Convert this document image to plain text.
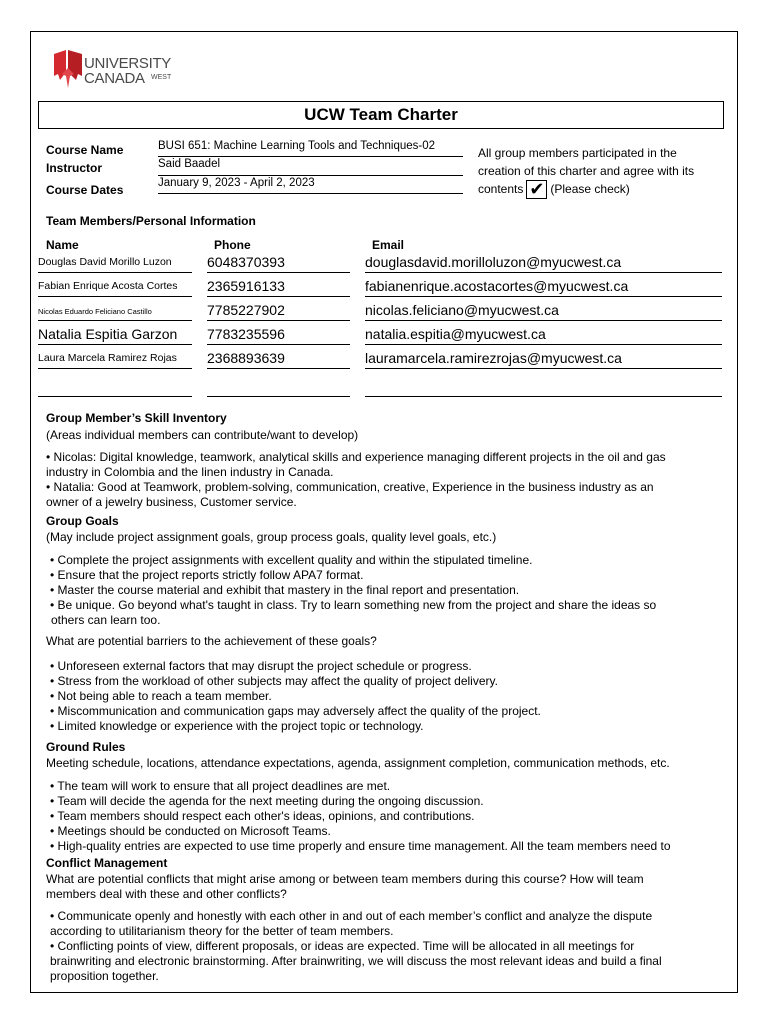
UNIVERSITY
CANADA WEST
UCW Team Charter
Course Name	BUSI 651: Machine Learning Tools and Techniques-02
Instructor	Said Baadel
Course Dates	January 9, 2023 - April 2, 2023
All group members participated in the creation of this charter and agree with its contents ✔ (Please check)
Team Members/Personal Information
Name	Phone	Email
Douglas David Morillo Luzon	6048370393	douglasdavid.morilloluzon@myucwest.ca
Fabian Enrique Acosta Cortes	2365916133	fabianenrique.acostacortes@myucwest.ca
Nicolas Eduardo Feliciano Castillo	7785227902	nicolas.feliciano@myucwest.ca
Natalia Espitia Garzon	7783235596	natalia.espitia@myucwest.ca
Laura Marcela Ramirez Rojas	2368893639	lauramarcela.ramirezrojas@myucwest.ca
Group Member’s Skill Inventory
(Areas individual members can contribute/want to develop)
• Nicolas: Digital knowledge, teamwork, analytical skills and experience managing different projects in the oil and gas
industry in Colombia and the linen industry in Canada.
• Natalia: Good at Teamwork, problem-solving, communication, creative, Experience in the business industry as an
owner of a jewelry business, Customer service.
Group Goals
(May include project assignment goals, group process goals, quality level goals, etc.)
• Complete the project assignments with excellent quality and within the stipulated timeline.
• Ensure that the project reports strictly follow APA7 format.
• Master the course material and exhibit that mastery in the final report and presentation.
• Be unique. Go beyond what's taught in class. Try to learn something new from the project and share the ideas so
others can learn too.
What are potential barriers to the achievement of these goals?
• Unforeseen external factors that may disrupt the project schedule or progress.
• Stress from the workload of other subjects may affect the quality of project delivery.
• Not being able to reach a team member.
• Miscommunication and communication gaps may adversely affect the quality of the project.
• Limited knowledge or experience with the project topic or technology.
Ground Rules
Meeting schedule, locations, attendance expectations, agenda, assignment completion, communication methods, etc.
• The team will work to ensure that all project deadlines are met.
• Team will decide the agenda for the next meeting during the ongoing discussion.
• Team members should respect each other's ideas, opinions, and contributions.
• Meetings should be conducted on Microsoft Teams.
• High-quality entries are expected to use time properly and ensure time management. All the team members need to
Conflict Management
What are potential conflicts that might arise among or between team members during this course? How will team
members deal with these and other conflicts?
• Communicate openly and honestly with each other in and out of each member’s conflict and analyze the dispute
according to utilitarianism theory for the better of team members.
• Conflicting points of view, different proposals, or ideas are expected. Time will be allocated in all meetings for
brainwriting and electronic brainstorming. After brainwriting, we will discuss the most relevant ideas and build a final
proposition together.
